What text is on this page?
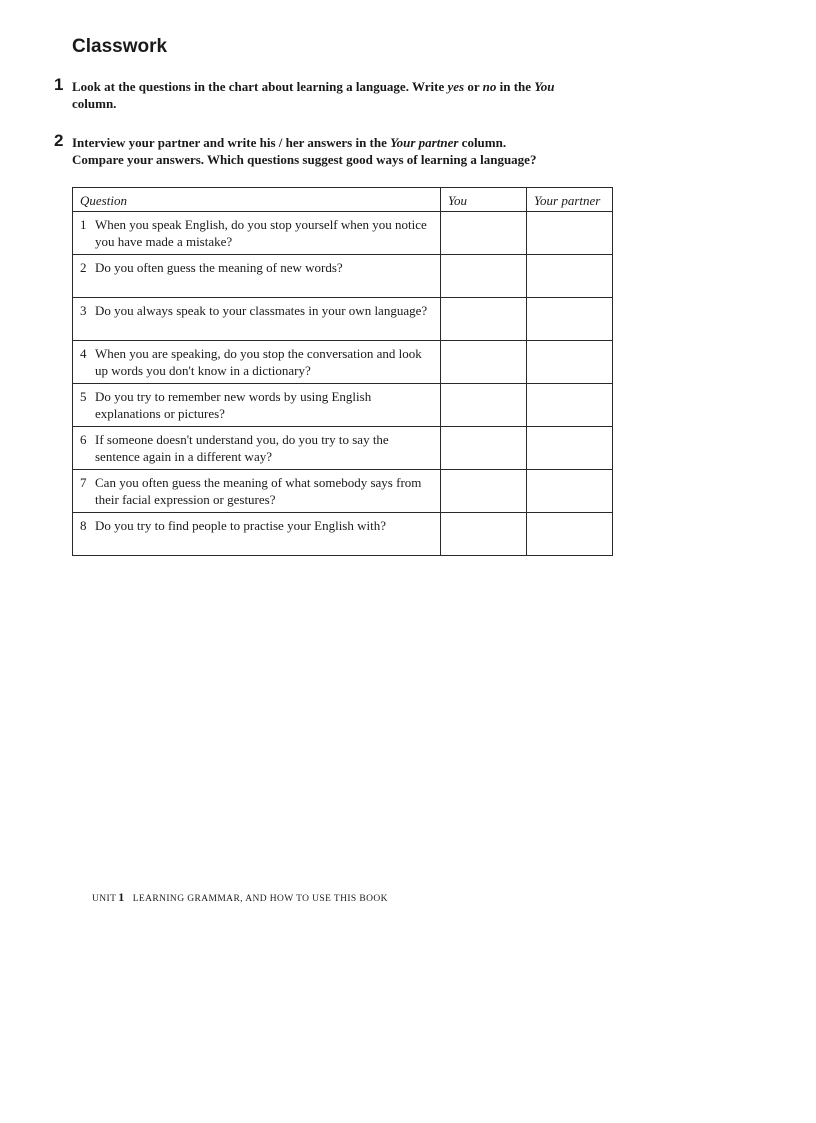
Classwork
1 Look at the questions in the chart about learning a language. Write yes or no in the You column.
2 Interview your partner and write his / her answers in the Your partner column.
Compare your answers. Which questions suggest good ways of learning a language?
Question	You	Your partner

1 When you speak English, do you stop yourself when you notice you have made a mistake?		

2 Do you often guess the meaning of new words?		

3 Do you always speak to your classmates in your own language?		

4 When you are speaking, do you stop the conversation and look up words you don't know in a dictionary?		

5 Do you try to remember new words by using English explanations or pictures?		

6 If someone doesn't understand you, do you try to say the sentence again in a different way?		

7 Can you often guess the meaning of what somebody says from their facial expression or gestures?		

8 Do you try to find people to practise your English with?		
UNIT 1 LEARNING GRAMMAR, AND HOW TO USE THIS BOOK
